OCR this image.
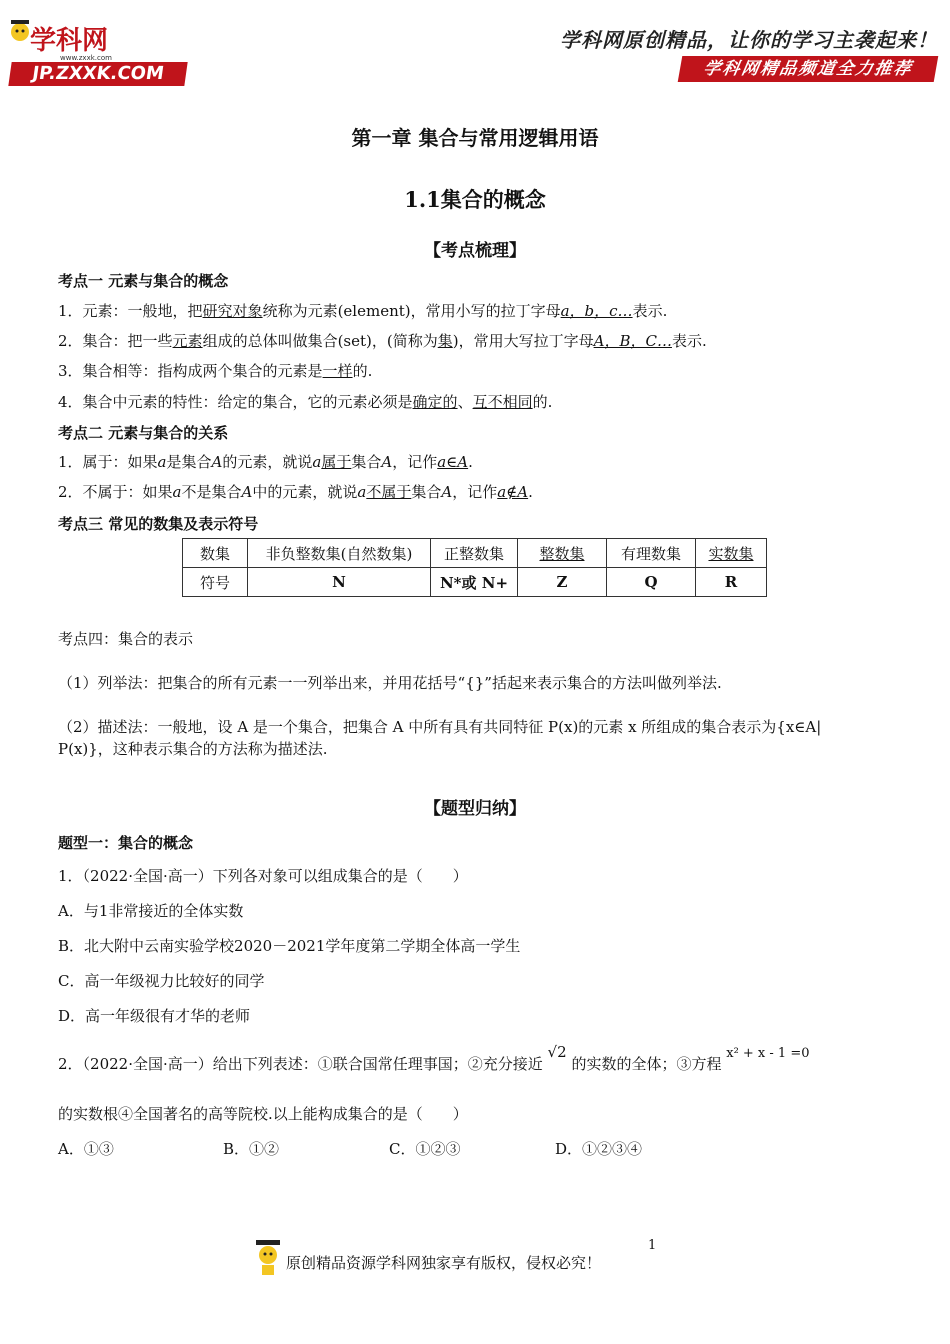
学科网
www.zxxk.com
JP.ZXXK.COM
学科网原创精品，让你的学习主袭起来！
学科网精品频道全力推荐
第一章 集合与常用逻辑用语
1.1集合的概念
【考点梳理】
考点一 元素与集合的概念
1．元素：一般地，把研究对象统称为元素(element)，常用小写的拉丁字母a，b，c…表示.
2．集合：把一些元素组成的总体叫做集合(set)，(简称为集)，常用大写拉丁字母A，B，C…表示.
3．集合相等：指构成两个集合的元素是一样的.
4．集合中元素的特性：给定的集合，它的元素必须是确定的、互不相同的.
考点二 元素与集合的关系
1．属于：如果a是集合A的元素，就说a属于集合A，记作a∈A.
2．不属于：如果a不是集合A中的元素，就说a不属于集合A，记作a∉A.
考点三 常见的数集及表示符号
数集	非负整数集(自然数集)	正整数集	整数集	有理数集	实数集
符号	N	N*或 N+	Z	Q	R
考点四：集合的表示
（1）列举法：把集合的所有元素一一列举出来，并用花括号“{}”括起来表示集合的方法叫做列举法.
（2）描述法：一般地，设 A 是一个集合，把集合 A 中所有具有共同特征 P(x)的元素 x 所组成的集合表示为{x∈A|
P(x)}，这种表示集合的方法称为描述法.
【题型归纳】
题型一：集合的概念
1．（2022·全国·高一）下列各对象可以组成集合的是（　　）
A．与1非常接近的全体实数
B．北大附中云南实验学校2020－2021学年度第二学期全体高一学生
C．高一年级视力比较好的同学
D．高一年级很有才华的老师
2．（2022·全国·高一）给出下列表述：①联合国常任理事国；②充分接近 √2 的实数的全体；③方程 x² + x - 1 =0
的实数根④全国著名的高等院校.以上能构成集合的是（　　）
A．①③	B．①②	C．①②③	D．①②③④
原创精品资源学科网独家享有版权，侵权必究！
1
